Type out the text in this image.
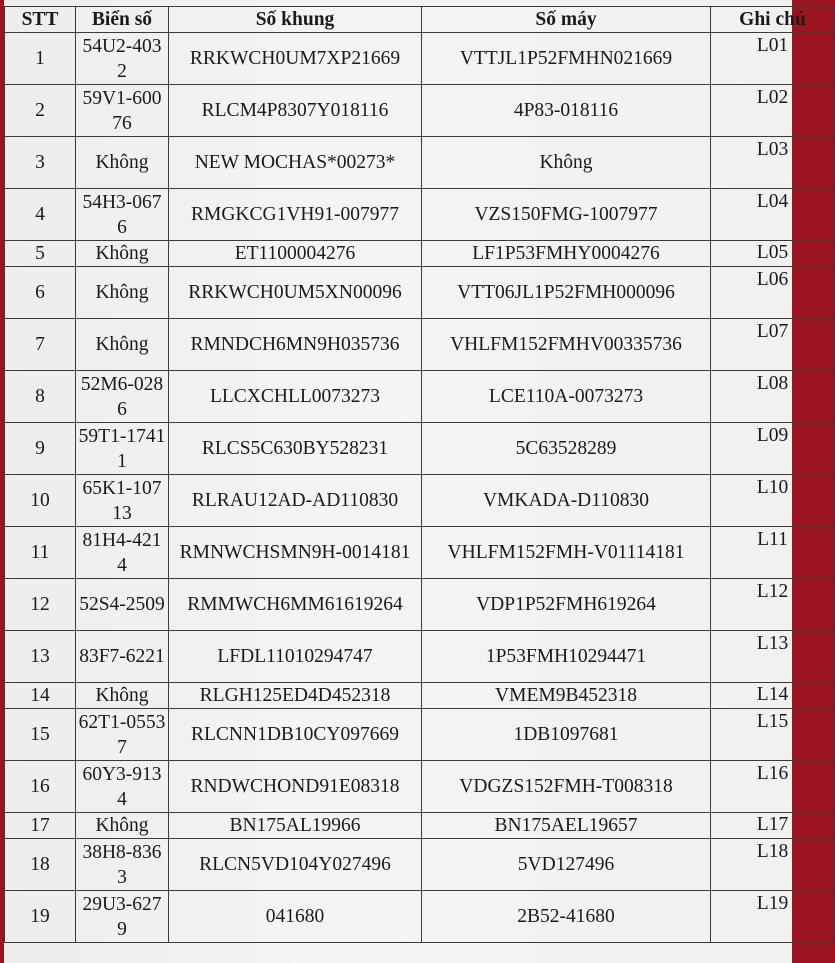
STT	Biển số	Số khung	Số máy	Ghi chú
1	54U2-4032	RRKWCH0UM7XP21669	VTTJL1P52FMHN021669	L01
2	59V1-60076	RLCM4P8307Y018116	4P83-018116	L02
3	Không	NEW MOCHAS*00273*	Không	L03
4	54H3-0676	RMGKCG1VH91-007977	VZS150FMG-1007977	L04
5	Không	ET1100004276	LF1P53FMHY0004276	L05
6	Không	RRKWCH0UM5XN00096	VTT06JL1P52FMH000096	L06
7	Không	RMNDCH6MN9H035736	VHLFM152FMHV00335736	L07
8	52M6-0286	LLCXCHLL0073273	LCE110A-0073273	L08
9	59T1-17411	RLCS5C630BY528231	5C63528289	L09
10	65K1-10713	RLRAU12AD-AD110830	VMKADA-D110830	L10
11	81H4-4214	RMNWCHSMN9H-0014181	VHLFM152FMH-V01114181	L11
12	52S4-2509	RMMWCH6MM61619264	VDP1P52FMH619264	L12
13	83F7-6221	LFDL11010294747	1P53FMH10294471	L13
14	Không	RLGH125ED4D452318	VMEM9B452318	L14
15	62T1-05537	RLCNN1DB10CY097669	1DB1097681	L15
16	60Y3-9134	RNDWCHOND91E08318	VDGZS152FMH-T008318	L16
17	Không	BN175AL19966	BN175AEL19657	L17
18	38H8-8363	RLCN5VD104Y027496	5VD127496	L18
19	29U3-6279	041680	2B52-41680	L19
